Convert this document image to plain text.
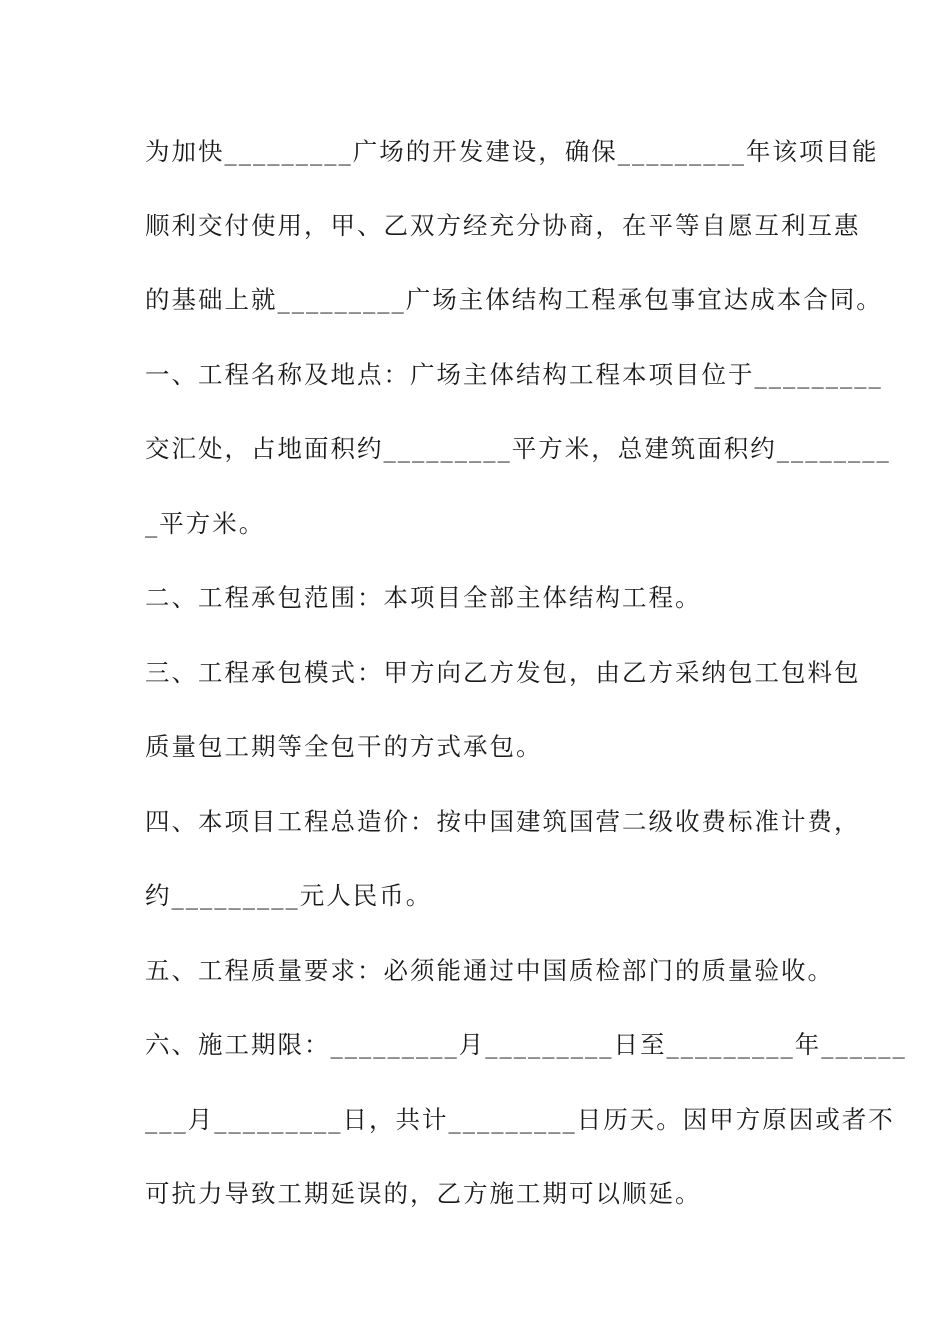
为加快_________广场的开发建设，确保_________年该项目能
顺利交付使用，甲、乙双方经充分协商，在平等自愿互利互惠
的基础上就_________广场主体结构工程承包事宜达成本合同。
一、工程名称及地点：广场主体结构工程本项目位于_________
交汇处，占地面积约_________平方米，总建筑面积约________
_平方米。
二、工程承包范围：本项目全部主体结构工程。
三、工程承包模式：甲方向乙方发包，由乙方采纳包工包料包
质量包工期等全包干的方式承包。
四、本项目工程总造价：按中国建筑国营二级收费标准计费，
约_________元人民币。
五、工程质量要求：必须能通过中国质检部门的质量验收。
六、施工期限：_________月_________日至_________年______
___月_________日，共计_________日历天。因甲方原因或者不
可抗力导致工期延误的，乙方施工期可以顺延。
